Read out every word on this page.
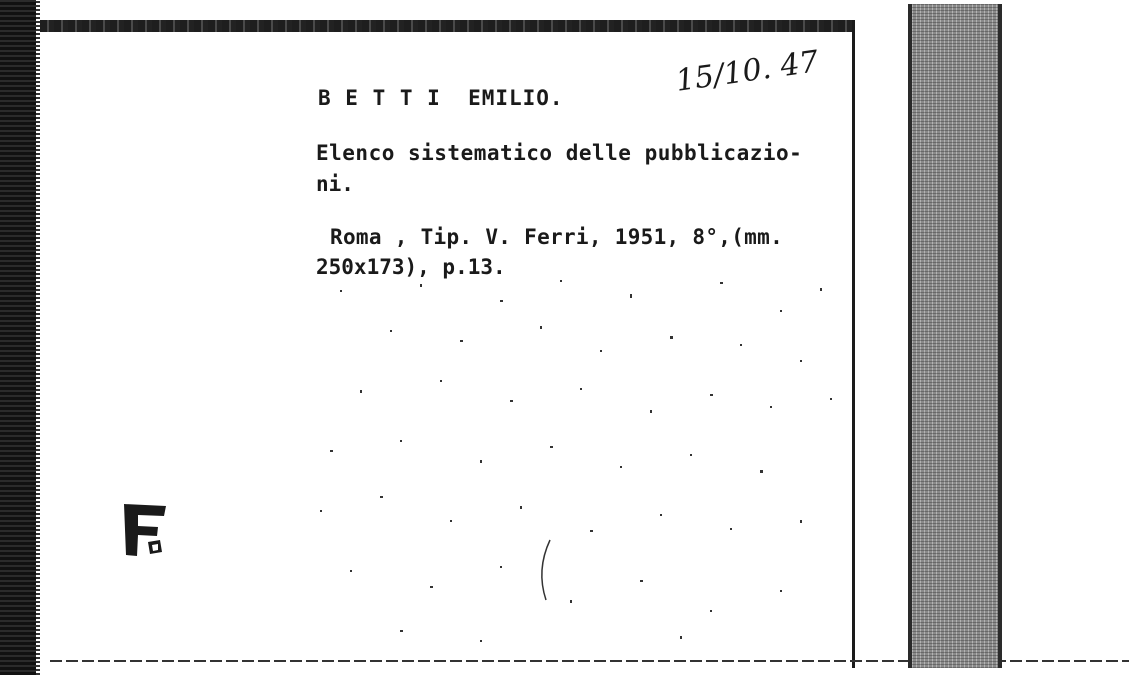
B E T T I  EMILIO.	15/10. 47
Elenco sistematico delle pubblicazio-
ni.
Roma , Tip. V. Ferri, 1951, 8°,(mm.
250x173), p.13.
